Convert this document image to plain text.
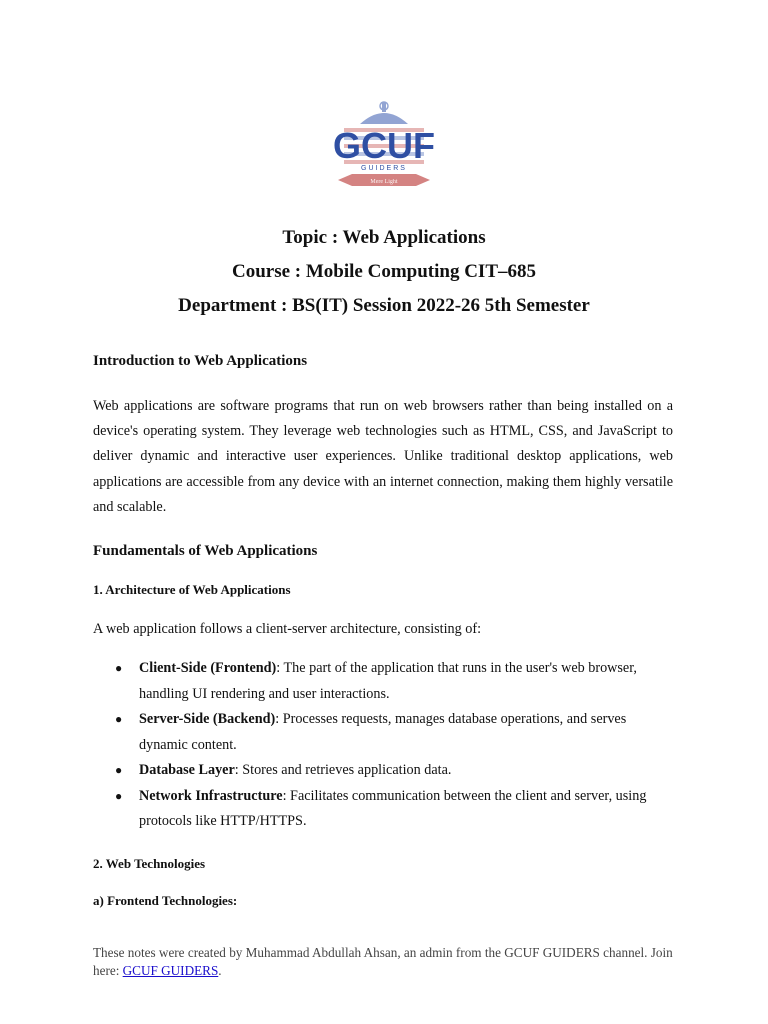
GCUF
GUIDERS
Mere Light
Topic : Web Applications
Course : Mobile Computing CIT–685
Department : BS(IT) Session 2022-26 5th Semester
Introduction to Web Applications
Web applications are software programs that run on web browsers rather than being installed on a device's operating system. They leverage web technologies such as HTML, CSS, and JavaScript to deliver dynamic and interactive user experiences. Unlike traditional desktop applications, web applications are accessible from any device with an internet connection, making them highly versatile and scalable.
Fundamentals of Web Applications
1. Architecture of Web Applications
A web application follows a client-server architecture, consisting of:
● Client-Side (Frontend): The part of the application that runs in the user's web browser, handling UI rendering and user interactions.
● Server-Side (Backend): Processes requests, manages database operations, and serves dynamic content.
● Database Layer: Stores and retrieves application data.
● Network Infrastructure: Facilitates communication between the client and server, using protocols like HTTP/HTTPS.
2. Web Technologies
a) Frontend Technologies:
These notes were created by Muhammad Abdullah Ahsan, an admin from the GCUF GUIDERS channel. Join here: GCUF GUIDERS.
